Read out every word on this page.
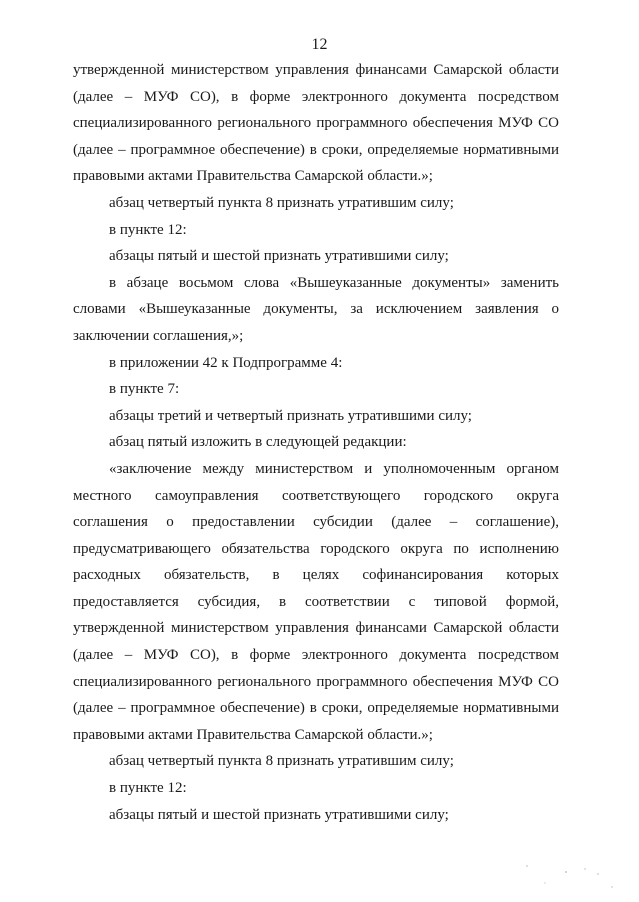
12
утвержденной министерством управления финансами Самарской области
(далее – МУФ СО), в форме электронного документа посредством
специализированного регионального программного обеспечения МУФ СО
(далее – программное обеспечение) в сроки, определяемые нормативными
правовыми актами Правительства Самарской области.»;
абзац четвертый пункта 8 признать утратившим силу;
в пункте 12:
абзацы пятый и шестой признать утратившими силу;
в абзаце восьмом слова «Вышеуказанные документы» заменить
словами «Вышеуказанные документы, за исключением заявления о
заключении соглашения,»;
в приложении 42 к Подпрограмме 4:
в пункте 7:
абзацы третий и четвертый признать утратившими силу;
абзац пятый изложить в следующей редакции:
«заключение между министерством и уполномоченным органом
местного самоуправления соответствующего городского округа
соглашения о предоставлении субсидии (далее – соглашение),
предусматривающего обязательства городского округа по исполнению
расходных обязательств, в целях софинансирования которых
предоставляется субсидия, в соответствии с типовой формой,
утвержденной министерством управления финансами Самарской области
(далее – МУФ СО), в форме электронного документа посредством
специализированного регионального программного обеспечения МУФ СО
(далее – программное обеспечение) в сроки, определяемые нормативными
правовыми актами Правительства Самарской области.»;
абзац четвертый пункта 8 признать утратившим силу;
в пункте 12:
абзацы пятый и шестой признать утратившими силу;
